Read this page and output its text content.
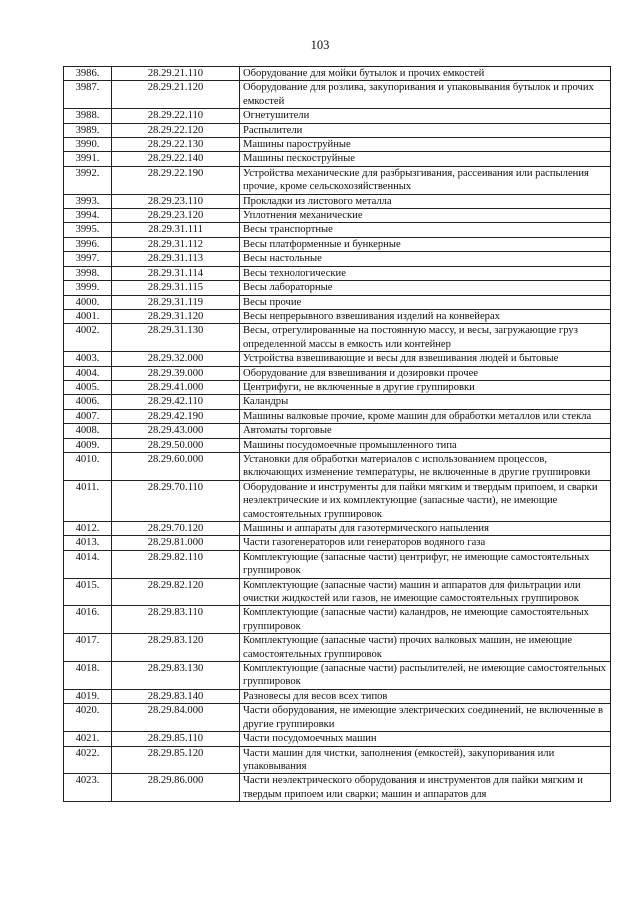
103
3986.	28.29.21.110	Оборудование для мойки бутылок и прочих емкостей
3987.	28.29.21.120	Оборудование для розлива, закупоривания и упаковывания бутылок и прочих емкостей
3988.	28.29.22.110	Огнетушители
3989.	28.29.22.120	Распылители
3990.	28.29.22.130	Машины пароструйные
3991.	28.29.22.140	Машины пескоструйные
3992.	28.29.22.190	Устройства механические для разбрызгивания, рассеивания или распыления прочие, кроме сельскохозяйственных
3993.	28.29.23.110	Прокладки из листового металла
3994.	28.29.23.120	Уплотнения механические
3995.	28.29.31.111	Весы транспортные
3996.	28.29.31.112	Весы платформенные и бункерные
3997.	28.29.31.113	Весы настольные
3998.	28.29.31.114	Весы технологические
3999.	28.29.31.115	Весы лабораторные
4000.	28.29.31.119	Весы прочие
4001.	28.29.31.120	Весы непрерывного взвешивания изделий на конвейерах
4002.	28.29.31.130	Весы, отрегулированные на постоянную массу, и весы, загружающие груз определенной массы в емкость или контейнер
4003.	28.29.32.000	Устройства взвешивающие и весы для взвешивания людей и бытовые
4004.	28.29.39.000	Оборудование для взвешивания и дозировки прочее
4005.	28.29.41.000	Центрифуги, не включенные в другие группировки
4006.	28.29.42.110	Каландры
4007.	28.29.42.190	Машины валковые прочие, кроме машин для обработки металлов или стекла
4008.	28.29.43.000	Автоматы торговые
4009.	28.29.50.000	Машины посудомоечные промышленного типа
4010.	28.29.60.000	Установки для обработки материалов с использованием процессов, включающих изменение температуры, не включенные в другие группировки
4011.	28.29.70.110	Оборудование и инструменты для пайки мягким и твердым припоем, и сварки неэлектрические и их комплектующие (запасные части), не имеющие самостоятельных группировок
4012.	28.29.70.120	Машины и аппараты для газотермического напыления
4013.	28.29.81.000	Части газогенераторов или генераторов водяного газа
4014.	28.29.82.110	Комплектующие (запасные части) центрифуг, не имеющие самостоятельных группировок
4015.	28.29.82.120	Комплектующие (запасные части) машин и аппаратов для фильтрации или очистки жидкостей или газов, не имеющие самостоятельных группировок
4016.	28.29.83.110	Комплектующие (запасные части) каландров, не имеющие самостоятельных группировок
4017.	28.29.83.120	Комплектующие (запасные части) прочих валковых машин, не имеющие самостоятельных группировок
4018.	28.29.83.130	Комплектующие (запасные части) распылителей, не имеющие самостоятельных группировок
4019.	28.29.83.140	Разновесы для весов всех типов
4020.	28.29.84.000	Части оборудования, не имеющие электрических соединений, не включенные в другие группировки
4021.	28.29.85.110	Части посудомоечных машин
4022.	28.29.85.120	Части машин для чистки, заполнения (емкостей), закупоривания или упаковывания
4023.	28.29.86.000	Части неэлектрического оборудования и инструментов для пайки мягким и твердым припоем или сварки; машин и аппаратов для
